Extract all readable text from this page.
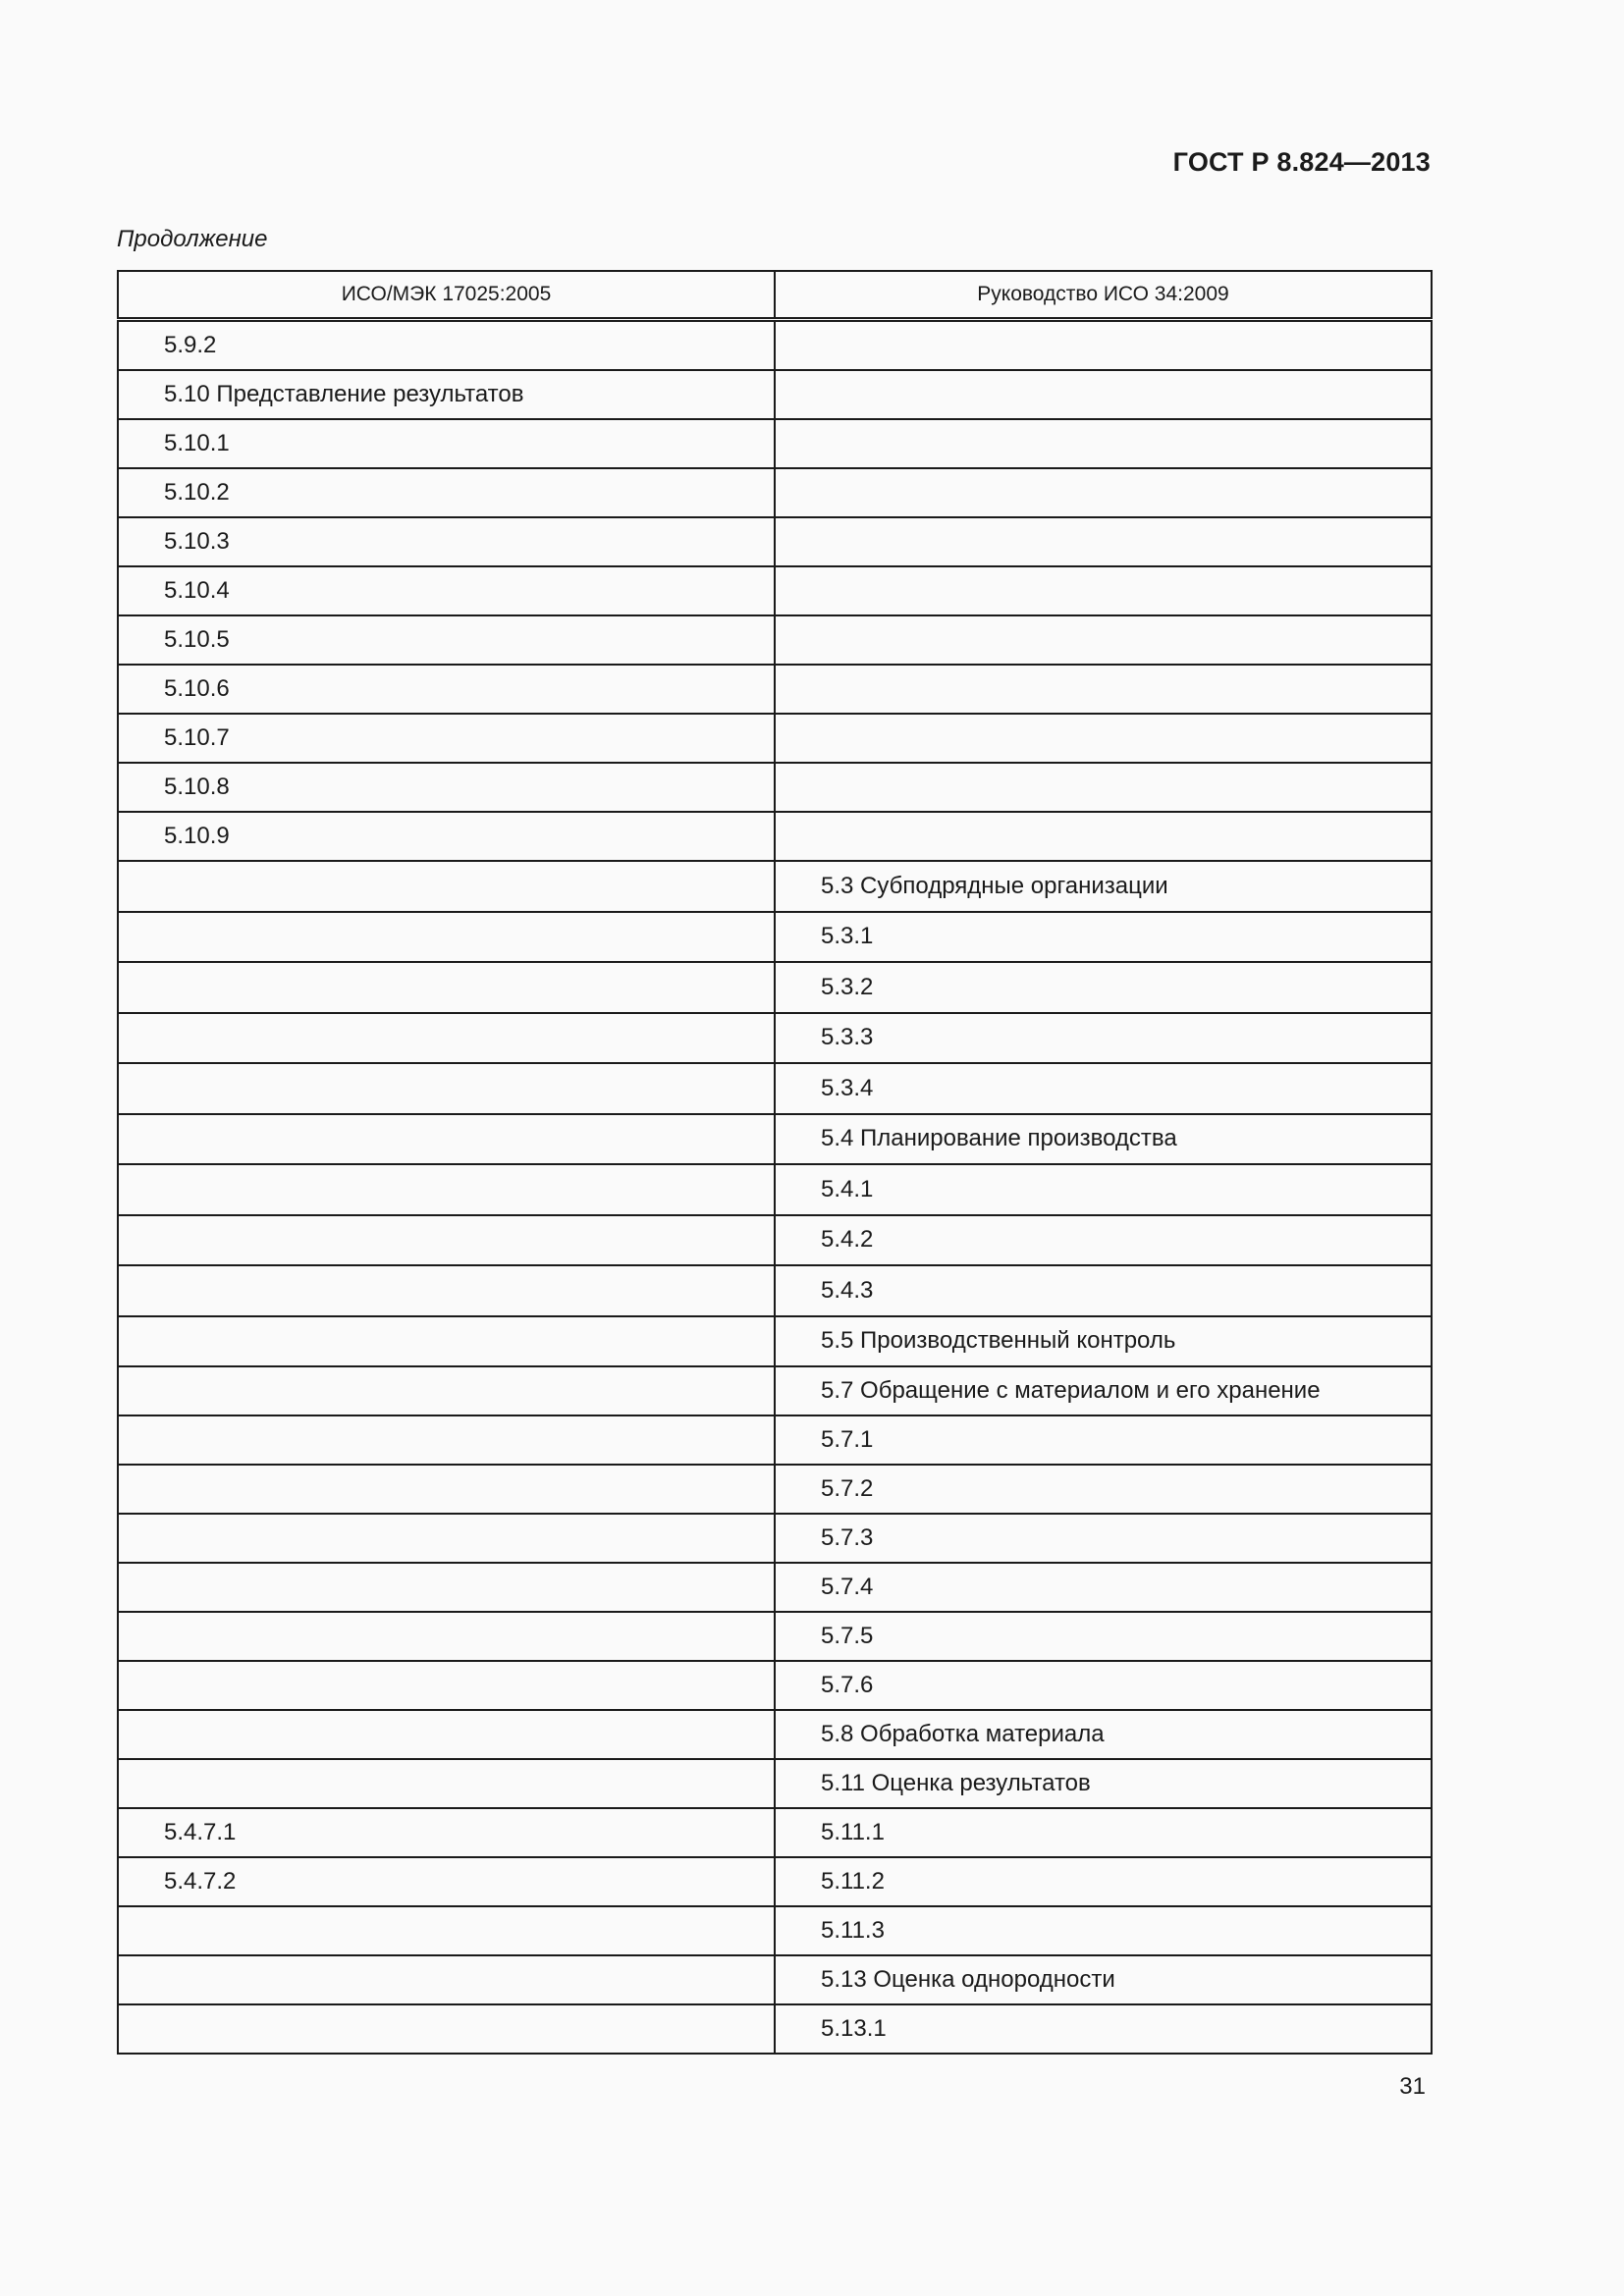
ГОСТ Р 8.824—2013
Продолжение
ИСО/МЭК 17025:2005	Руководство ИСО 34:2009
5.9.2	
5.10 Представление результатов	
5.10.1	
5.10.2	
5.10.3	
5.10.4	
5.10.5	
5.10.6	
5.10.7	
5.10.8	
5.10.9	
	5.3 Субподрядные организации
	5.3.1
	5.3.2
	5.3.3
	5.3.4
	5.4 Планирование производства
	5.4.1
	5.4.2
	5.4.3
	5.5 Производственный контроль
	5.7 Обращение с материалом и его хранение
	5.7.1
	5.7.2
	5.7.3
	5.7.4
	5.7.5
	5.7.6
	5.8 Обработка материала
	5.11 Оценка результатов
5.4.7.1	5.11.1
5.4.7.2	5.11.2
	5.11.3
	5.13 Оценка однородности
	5.13.1
31
